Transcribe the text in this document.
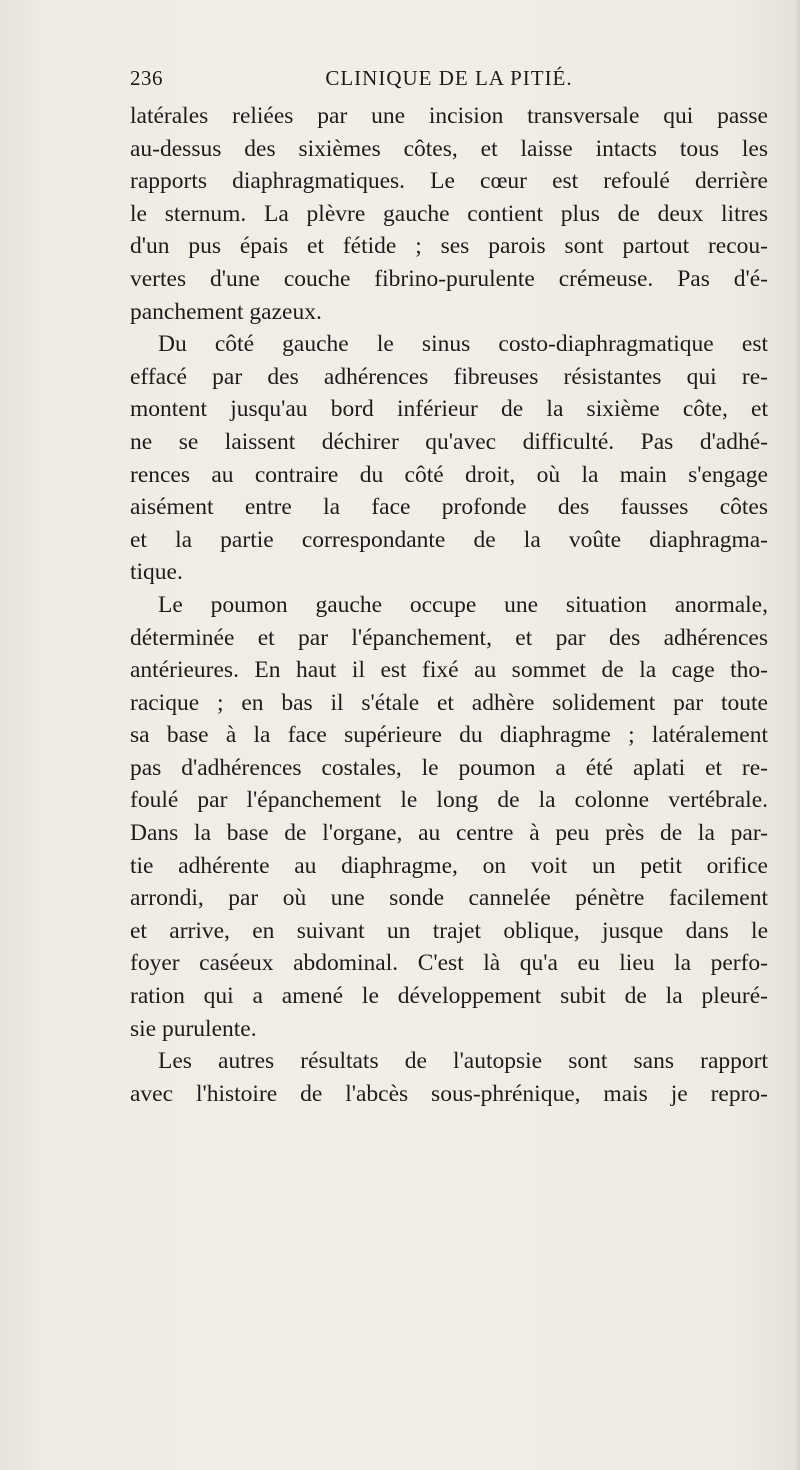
236	CLINIQUE DE LA PITIÉ.
latérales reliées par une incision transversale qui passe
au-dessus des sixièmes côtes, et laisse intacts tous les
rapports diaphragmatiques. Le cœur est refoulé derrière
le sternum. La plèvre gauche contient plus de deux litres
d'un pus épais et fétide ; ses parois sont partout recou-
vertes d'une couche fibrino-purulente crémeuse. Pas d'é-
panchement gazeux.
Du côté gauche le sinus costo-diaphragmatique est
effacé par des adhérences fibreuses résistantes qui re-
montent jusqu'au bord inférieur de la sixième côte, et
ne se laissent déchirer qu'avec difficulté. Pas d'adhé-
rences au contraire du côté droit, où la main s'engage
aisément entre la face profonde des fausses côtes
et la partie correspondante de la voûte diaphragma-
tique.
Le poumon gauche occupe une situation anormale,
déterminée et par l'épanchement, et par des adhérences
antérieures. En haut il est fixé au sommet de la cage tho-
racique ; en bas il s'étale et adhère solidement par toute
sa base à la face supérieure du diaphragme ; latéralement
pas d'adhérences costales, le poumon a été aplati et re-
foulé par l'épanchement le long de la colonne vertébrale.
Dans la base de l'organe, au centre à peu près de la par-
tie adhérente au diaphragme, on voit un petit orifice
arrondi, par où une sonde cannelée pénètre facilement
et arrive, en suivant un trajet oblique, jusque dans le
foyer caséeux abdominal. C'est là qu'a eu lieu la perfo-
ration qui a amené le développement subit de la pleuré-
sie purulente.
Les autres résultats de l'autopsie sont sans rapport
avec l'histoire de l'abcès sous-phrénique, mais je repro-
